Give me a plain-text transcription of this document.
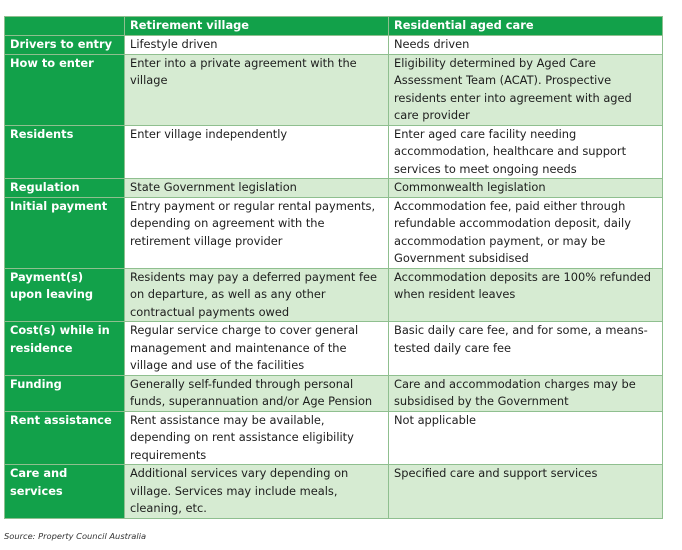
	Retirement village	Residential aged care
Drivers to entry	Lifestyle driven	Needs driven
How to enter	Enter into a private agreement with the village	Eligibility determined by Aged Care Assessment Team (ACAT). Prospective residents enter into agreement with aged care provider
Residents	Enter village independently	Enter aged care facility needing accommodation, healthcare and support services to meet ongoing needs
Regulation	State Government legislation	Commonwealth legislation
Initial payment	Entry payment or regular rental payments, depending on agreement with the retirement village provider	Accommodation fee, paid either through refundable accommodation deposit, daily accommodation payment, or may be Government subsidised
Payment(s) upon leaving	Residents may pay a deferred payment fee on departure, as well as any other contractual payments owed	Accommodation deposits are 100% refunded when resident leaves
Cost(s) while in residence	Regular service charge to cover general management and maintenance of the village and use of the facilities	Basic daily care fee, and for some, a means-tested daily care fee
Funding	Generally self-funded through personal funds, superannuation and/or Age Pension	Care and accommodation charges may be subsidised by the Government
Rent assistance	Rent assistance may be available, depending on rent assistance eligibility requirements	Not applicable
Care and services	Additional services vary depending on village. Services may include meals, cleaning, etc.	Specified care and support services
Source: Property Council Australia
